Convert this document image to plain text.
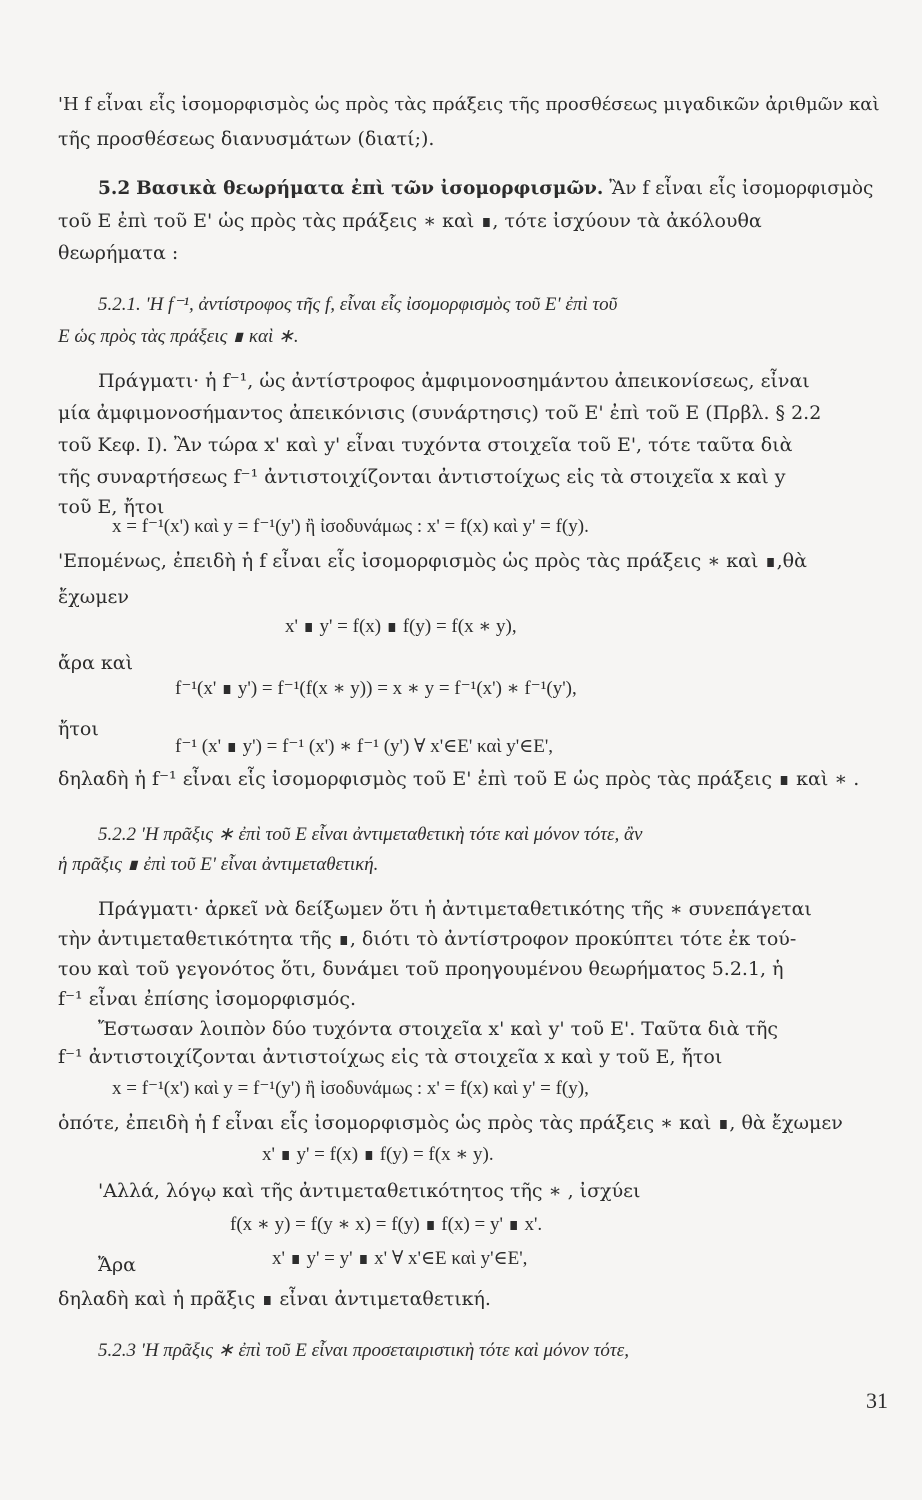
'Η f εἶναι εἷς ἰσομορφισμὸς ὡς πρὸς τὰς πράξεις τῆς προσθέσεως μιγαδικῶν ἀριθμῶν καὶ
τῆς προσθέσεως διανυσμάτων (διατί;).
5.2 Βασικὰ θεωρήματα ἐπὶ τῶν ἰσομορφισμῶν. Ἂν f εἶναι εἷς ἰσομορφισμὸς
τοῦ E ἐπὶ τοῦ E' ὡς πρὸς τὰς πράξεις ∗ καὶ ∎, τότε ἰσχύουν τὰ ἀκόλουθα
θεωρήματα :
5.2.1. 'Η f⁻¹, ἀντίστροφος τῆς f, εἶναι εἷς ἰσομορφισμὸς τοῦ E' ἐπὶ τοῦ
E ὡς πρὸς τὰς πράξεις ∎ καὶ ∗.
Πράγματι· ἡ f⁻¹, ὡς ἀντίστροφος ἀμφιμονοσημάντου ἀπεικονίσεως, εἶναι
μία ἀμφιμονοσήμαντος ἀπεικόνισις (συνάρτησις) τοῦ E' ἐπὶ τοῦ E (Πρβλ. § 2.2
τοῦ Κεφ. I). Ἂν τώρα x' καὶ y' εἶναι τυχόντα στοιχεῖα τοῦ E', τότε ταῦτα διὰ
τῆς συναρτήσεως f⁻¹ ἀντιστοιχίζονται ἀντιστοίχως εἰς τὰ στοιχεῖα x καὶ y
τοῦ E, ἤτοι
x = f⁻¹(x') καὶ y = f⁻¹(y') ἢ ἰσοδυνάμως : x' = f(x) καὶ y' = f(y).
'Επομένως, ἐπειδὴ ἡ f εἶναι εἷς ἰσομορφισμὸς ὡς πρὸς τὰς πράξεις ∗ καὶ ∎,θὰ
ἔχωμεν
x' ∎ y' = f(x) ∎ f(y) = f(x ∗ y),
ἄρα καὶ
f⁻¹(x' ∎ y') = f⁻¹(f(x ∗ y)) = x ∗ y = f⁻¹(x') ∗ f⁻¹(y'),
ἤτοι
f⁻¹ (x' ∎ y') = f⁻¹ (x') ∗ f⁻¹ (y') ∀ x'∈E' καὶ y'∈E',
δηλαδὴ ἡ f⁻¹ εἶναι εἷς ἰσομορφισμὸς τοῦ E' ἐπὶ τοῦ E ὡς πρὸς τὰς πράξεις ∎ καὶ ∗ .
5.2.2 'Η πρᾶξις ∗ ἐπὶ τοῦ E εἶναι ἀντιμεταθετικὴ τότε καὶ μόνον τότε, ἂν
ἡ πρᾶξις ∎ ἐπὶ τοῦ E' εἶναι ἀντιμεταθετική.
Πράγματι· ἀρκεῖ νὰ δείξωμεν ὅτι ἡ ἀντιμεταθετικότης τῆς ∗ συνεπάγεται
τὴν ἀντιμεταθετικότητα τῆς ∎, διότι τὸ ἀντίστροφον προκύπτει τότε ἐκ τού-
του καὶ τοῦ γεγονότος ὅτι, δυνάμει τοῦ προηγουμένου θεωρήματος 5.2.1, ἡ
f⁻¹ εἶναι ἐπίσης ἰσομορφισμός.
Ἔστωσαν λοιπὸν δύο τυχόντα στοιχεῖα x' καὶ y' τοῦ E'. Ταῦτα διὰ τῆς
f⁻¹ ἀντιστοιχίζονται ἀντιστοίχως εἰς τὰ στοιχεῖα x καὶ y τοῦ E, ἤτοι
x = f⁻¹(x') καὶ y = f⁻¹(y') ἢ ἰσοδυνάμως : x' = f(x) καὶ y' = f(y),
ὁπότε, ἐπειδὴ ἡ f εἶναι εἷς ἰσομορφισμὸς ὡς πρὸς τὰς πράξεις ∗ καὶ ∎, θὰ ἔχωμεν
x' ∎ y' = f(x) ∎ f(y) = f(x ∗ y).
'Αλλά, λόγῳ καὶ τῆς ἀντιμεταθετικότητος τῆς ∗ , ἰσχύει
f(x ∗ y) = f(y ∗ x) = f(y) ∎ f(x) = y' ∎ x'.
Ἄρα	x' ∎ y' = y' ∎ x' ∀ x'∈E καὶ y'∈E',
δηλαδὴ καὶ ἡ πρᾶξις ∎ εἶναι ἀντιμεταθετική.
5.2.3 'Η πρᾶξις ∗ ἐπὶ τοῦ E εἶναι προσεταιριστικὴ τότε καὶ μόνον τότε,
31
